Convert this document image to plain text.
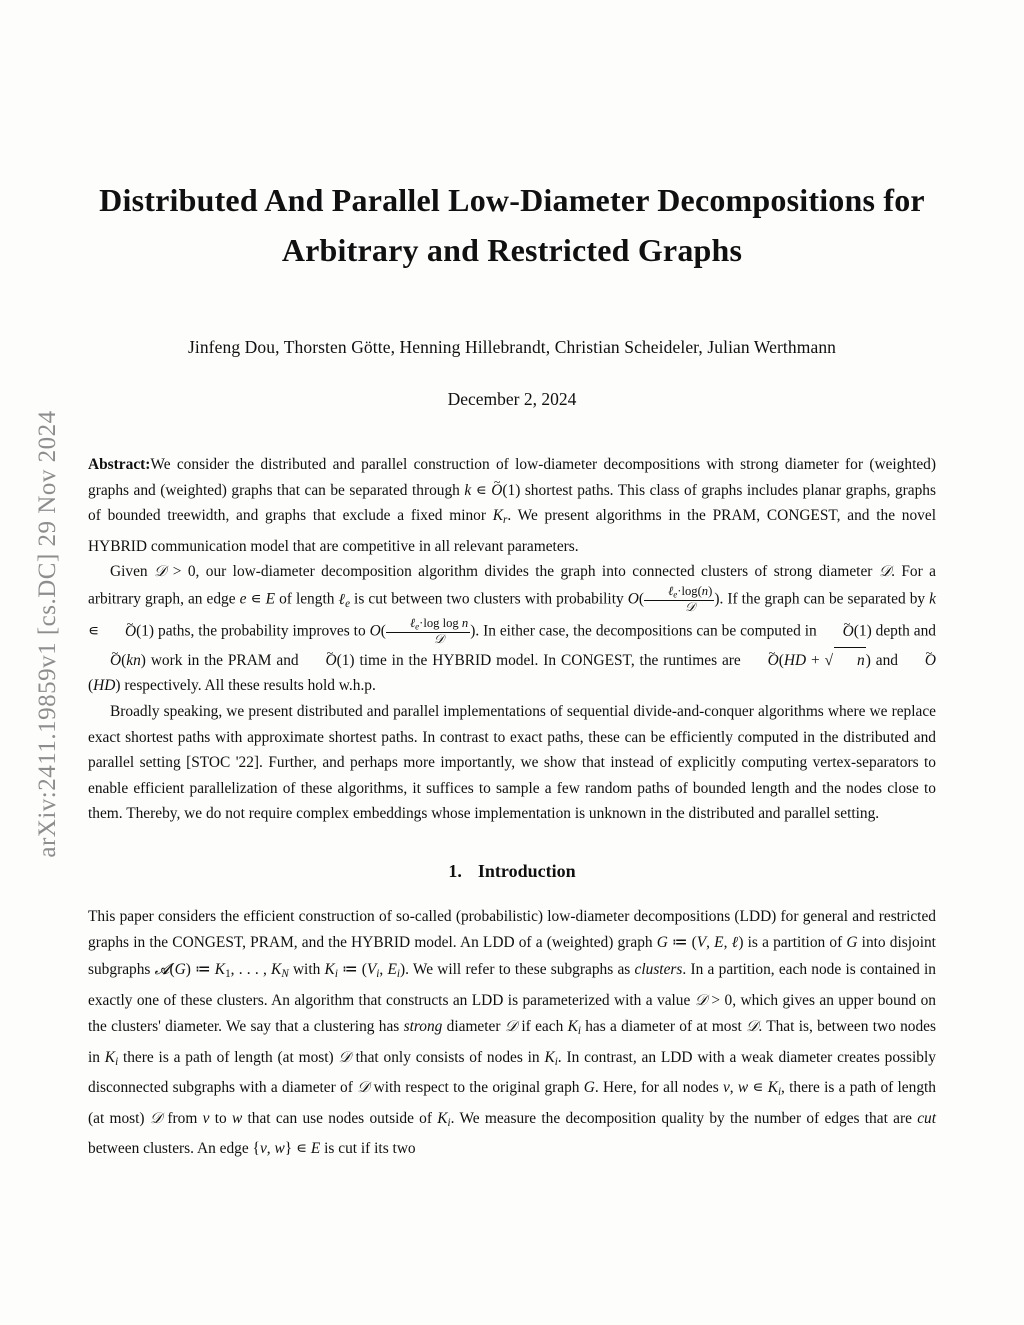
arXiv:2411.19859v1 [cs.DC] 29 Nov 2024
Distributed And Parallel Low-Diameter Decompositions for Arbitrary and Restricted Graphs
Jinfeng Dou, Thorsten Götte, Henning Hillebrandt, Christian Scheideler, Julian Werthmann
December 2, 2024

Abstract:We consider the distributed and parallel construction of low-diameter decompositions with strong diameter for (weighted) graphs and (weighted) graphs that can be separated through k ∊ ~ O(1) shortest paths. This class of graphs includes planar graphs, graphs of bounded treewidth, and graphs that exclude a fixed minor $K_r$. We present algorithms in the PRAM, CONGEST, and the novel HYBRID communication model that are competitive in all relevant parameters.

Given 𝒟 > 0, our low-diameter decomposition algorithm divides the graph into connected clusters of strong diameter 𝒟. For a arbitrary graph, an edge e ∊ E of length ℓ$_e$ is cut between two clusters with probability $O( \frac{\ell_e\cdot\log(n)}{\text{𝒟}}$ ). If the graph can be separated by k ∊ ~ O(1) paths, the probability improves to $O( \frac{\ell_e\cdot\log \log n}{\text{𝒟}}$ ). In either case, the decompositions can be computed in ~ O(1) depth and ~ O(kn) work in the PRAM and ~ O(1) time in the HYBRID model. In CONGEST, the runtimes are ~ O(HD + √ n) and ~ O(HD) respectively. All these results hold w.h.p.

Broadly speaking, we present distributed and parallel implementations of sequential divide-and-conquer algorithms where we replace exact shortest paths with approximate shortest paths. In contrast to exact paths, these can be efficiently computed in the distributed and parallel setting [STOC '22]. Further, and perhaps more importantly, we show that instead of explicitly computing vertex-separators to enable efficient parallelization of these algorithms, it suffices to sample a few random paths of bounded length and the nodes close to them. Thereby, we do not require complex embeddings whose implementation is unknown in the distributed and parallel setting.

1. Introduction

This paper considers the efficient construction of so-called (probabilistic) low-diameter decompositions (LDD) for general and restricted graphs in the CONGEST, PRAM, and the HYBRID model. An LDD of a (weighted) graph G ≔ (V, E, ℓ) is a partition of G into disjoint subgraphs 𝓐(G) ≔ $K_1$, . . . , $K_N$ with $K_i$ ≔ ($V_i$, $E_i$). We will refer to these subgraphs as clusters. In a partition, each node is contained in exactly one of these clusters. An algorithm that constructs an LDD is parameterized with a value 𝒟 > 0, which gives an upper bound on the clusters' diameter. We say that a clustering has strong diameter 𝒟 if each $K_i$ has a diameter of at most 𝒟. That is, between two nodes in $K_i$ there is a path of length (at most) 𝒟 that only consists of nodes in $K_i$. In contrast, an LDD with a weak diameter creates possibly disconnected subgraphs with a diameter of 𝒟 with respect to the original graph G. Here, for all nodes v, w ∊ $K_i$, there is a path of length (at most) 𝒟 from v to w that can use nodes outside of $K_i$. We measure the decomposition quality by the number of edges that are cut between clusters. An edge {v, w} ∊ E is cut if its two
